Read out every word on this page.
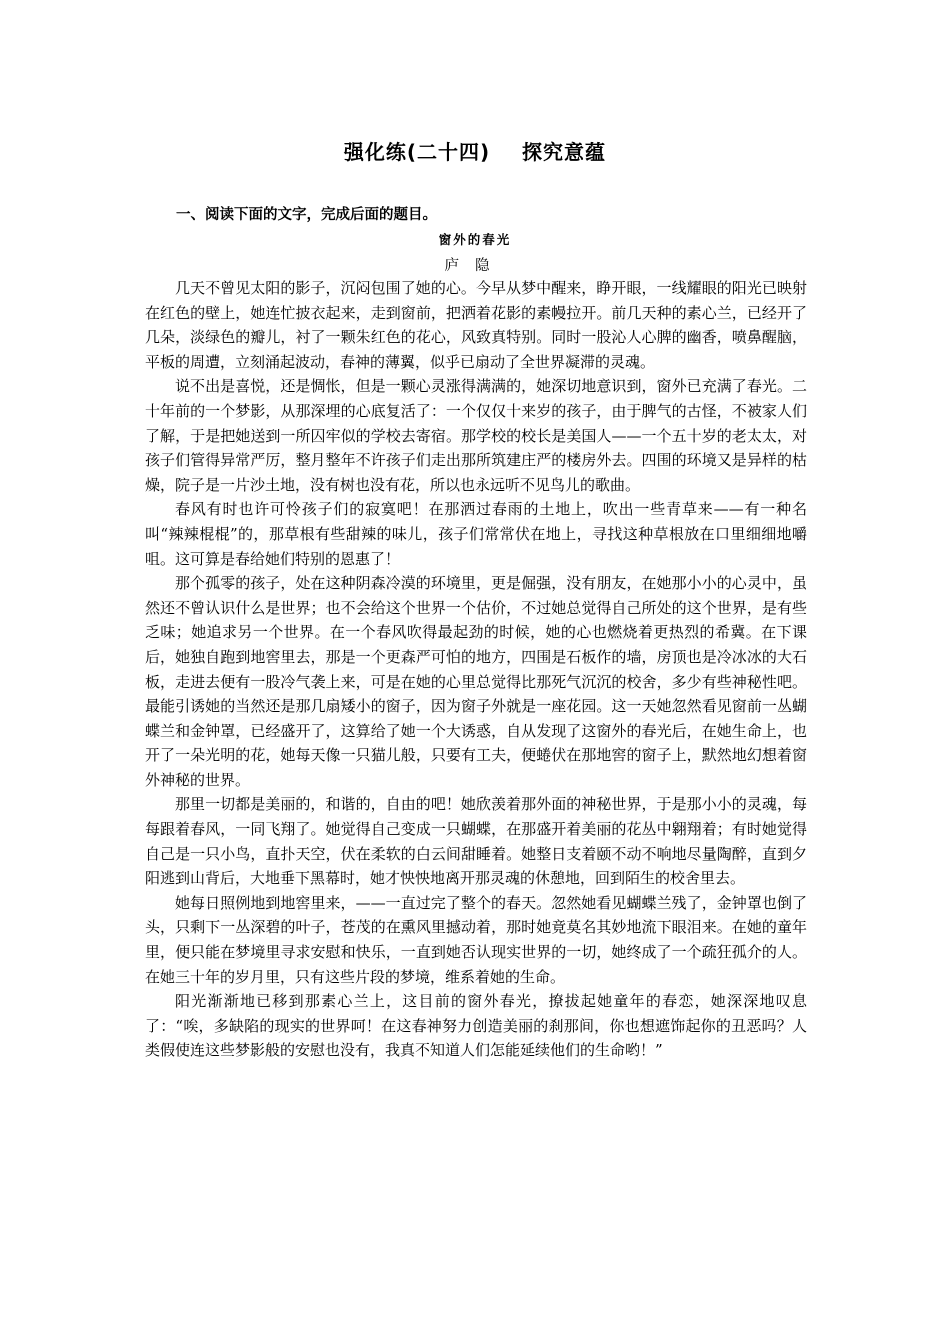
强化练(二十四)    探究意蕴
一、阅读下面的文字，完成后面的题目。
窗外的春光
庐隐

几天不曾见太阳的影子，沉闷包围了她的心。今早从梦中醒来，睁开眼，一线耀眼的阳光已映射在红色的壁上，她连忙披衣起来，走到窗前，把洒着花影的素幔拉开。前几天种的素心兰，已经开了几朵，淡绿色的瓣儿，衬了一颗朱红色的花心，风致真特别。同时一股沁人心脾的幽香，喷鼻醒脑，平板的周遭，立刻涌起波动，春神的薄翼，似乎已扇动了全世界凝滞的灵魂。

说不出是喜悦，还是惆怅，但是一颗心灵涨得满满的，她深切地意识到，窗外已充满了春光。二十年前的一个梦影，从那深埋的心底复活了：一个仅仅十来岁的孩子，由于脾气的古怪，不被家人们了解，于是把她送到一所囚牢似的学校去寄宿。那学校的校长是美国人——一个五十岁的老太太，对孩子们管得异常严厉，整月整年不许孩子们走出那所筑建庄严的楼房外去。四围的环境又是异样的枯燥，院子是一片沙土地，没有树也没有花，所以也永远听不见鸟儿的歌曲。

春风有时也许可怜孩子们的寂寞吧！在那洒过春雨的土地上，吹出一些青草来——有一种名叫“辣辣棍棍”的，那草根有些甜辣的味儿，孩子们常常伏在地上，寻找这种草根放在口里细细地嚼咀。这可算是春给她们特别的恩惠了！

那个孤零的孩子，处在这种阴森冷漠的环境里，更是倔强，没有朋友，在她那小小的心灵中，虽然还不曾认识什么是世界；也不会给这个世界一个估价，不过她总觉得自己所处的这个世界，是有些乏味；她追求另一个世界。在一个春风吹得最起劲的时候，她的心也燃烧着更热烈的希冀。在下课后，她独自跑到地窖里去，那是一个更森严可怕的地方，四围是石板作的墙，房顶也是冷冰冰的大石板，走进去便有一股冷气袭上来，可是在她的心里总觉得比那死气沉沉的校舍，多少有些神秘性吧。最能引诱她的当然还是那几扇矮小的窗子，因为窗子外就是一座花园。这一天她忽然看见窗前一丛蝴蝶兰和金钟罩，已经盛开了，这算给了她一个大诱惑，自从发现了这窗外的春光后，在她生命上，也开了一朵光明的花，她每天像一只猫儿般，只要有工夫，便蜷伏在那地窖的窗子上，默然地幻想着窗外神秘的世界。

那里一切都是美丽的，和谐的，自由的吧！她欣羡着那外面的神秘世界，于是那小小的灵魂，每每跟着春风，一同飞翔了。她觉得自己变成一只蝴蝶，在那盛开着美丽的花丛中翱翔着；有时她觉得自己是一只小鸟，直扑天空，伏在柔软的白云间甜睡着。她整日支着颐不动不响地尽量陶醉，直到夕阳逃到山背后，大地垂下黑幕时，她才怏怏地离开那灵魂的休憩地，回到陌生的校舍里去。

她每日照例地到地窖里来，——一直过完了整个的春天。忽然她看见蝴蝶兰残了，金钟罩也倒了头，只剩下一丛深碧的叶子，苍茂的在熏风里撼动着，那时她竟莫名其妙地流下眼泪来。在她的童年里，便只能在梦境里寻求安慰和快乐，一直到她否认现实世界的一切，她终成了一个疏狂孤介的人。在她三十年的岁月里，只有这些片段的梦境，维系着她的生命。

阳光渐渐地已移到那素心兰上，这目前的窗外春光，撩拔起她童年的春恋，她深深地叹息了：“唉，多缺陷的现实的世界呵！在这春神努力创造美丽的刹那间，你也想遮饰起你的丑恶吗？人类假使连这些梦影般的安慰也没有，我真不知道人们怎能延续他们的生命哟！”
